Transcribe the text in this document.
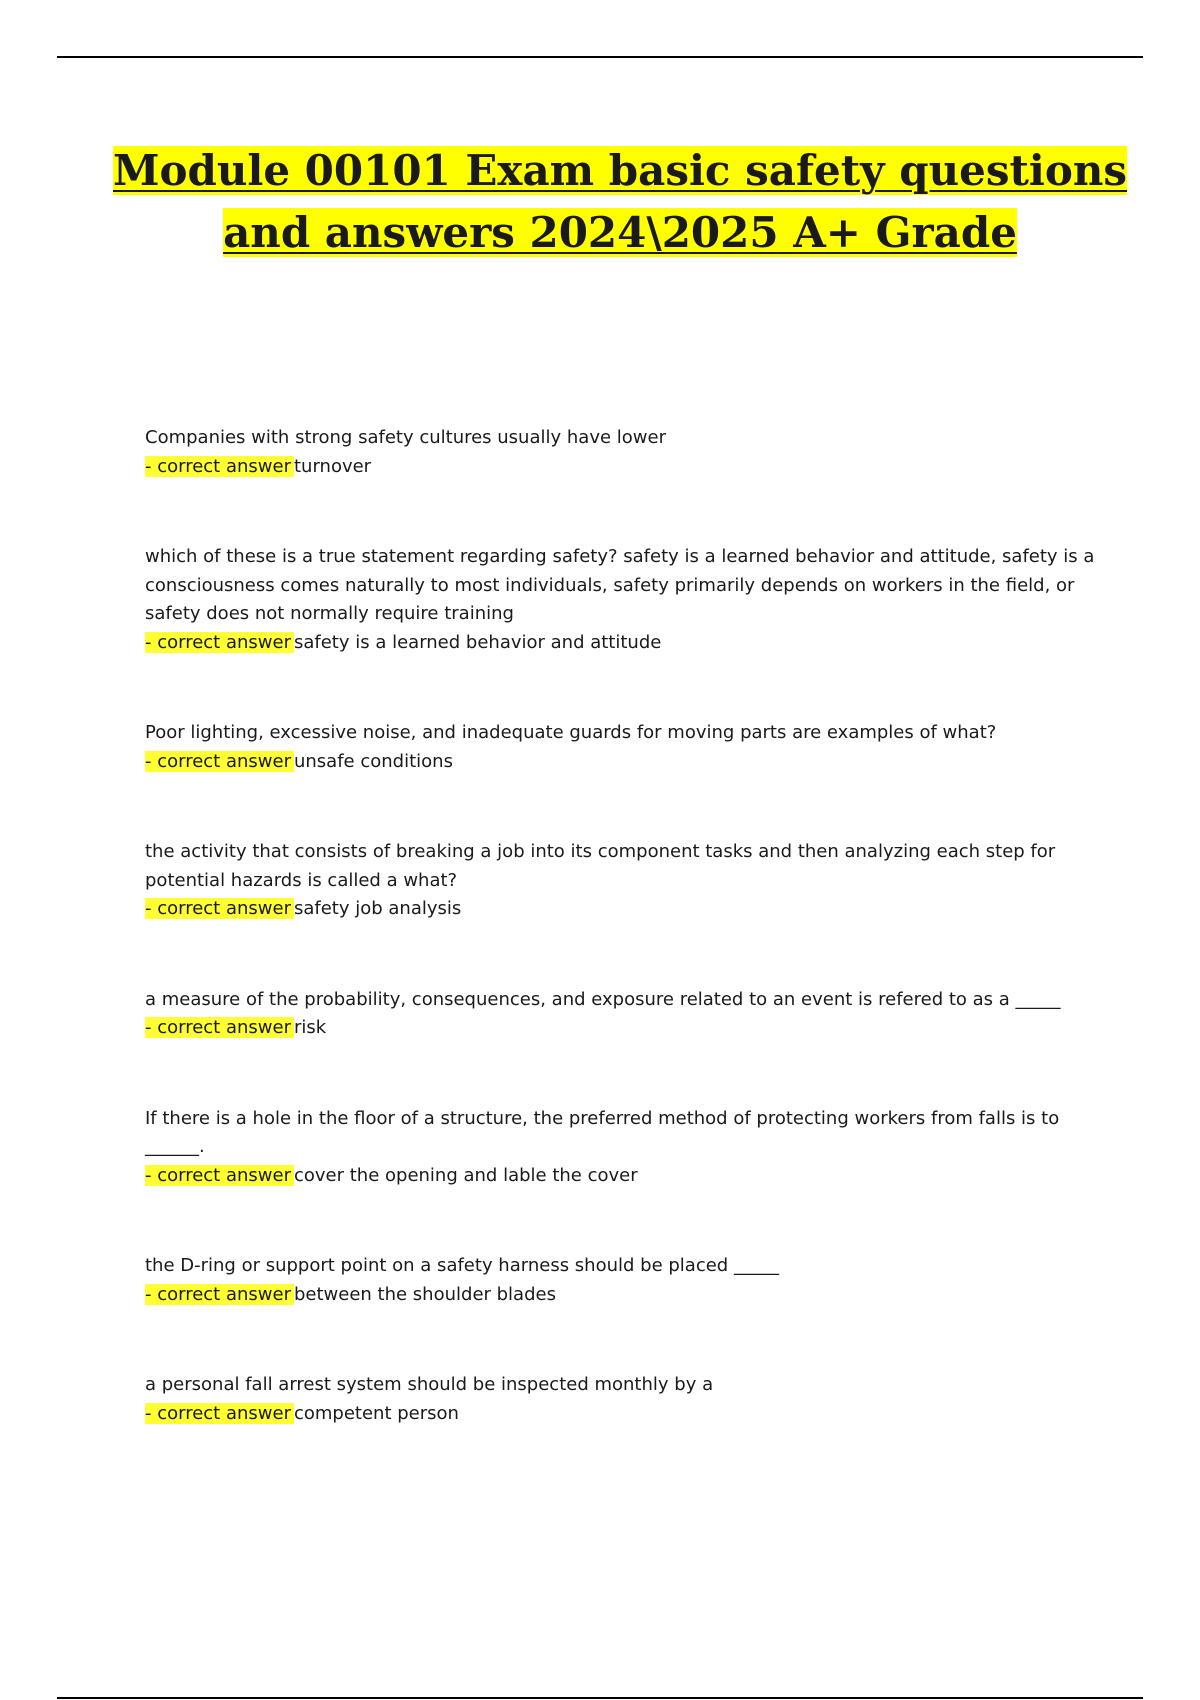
Module 00101 Exam basic safety questions and answers 2024\2025 A+ Grade

Companies with strong safety cultures usually have lower

- correct answer turnover

which of these is a true statement regarding safety? safety is a learned behavior and attitude, safety is a consciousness comes naturally to most individuals, safety primarily depends on workers in the field, or safety does not normally require training

- correct answer safety is a learned behavior and attitude

Poor lighting, excessive noise, and inadequate guards for moving parts are examples of what?

- correct answer unsafe conditions

the activity that consists of breaking a job into its component tasks and then analyzing each step for potential hazards is called a what?

- correct answer safety job analysis

a measure of the probability, consequences, and exposure related to an event is refered to as a _____

- correct answer risk

If there is a hole in the floor of a structure, the preferred method of protecting workers from falls is to ______.

- correct answer cover the opening and lable the cover

the D-ring or support point on a safety harness should be placed _____

- correct answer between the shoulder blades

a personal fall arrest system should be inspected monthly by a

- correct answer competent person
